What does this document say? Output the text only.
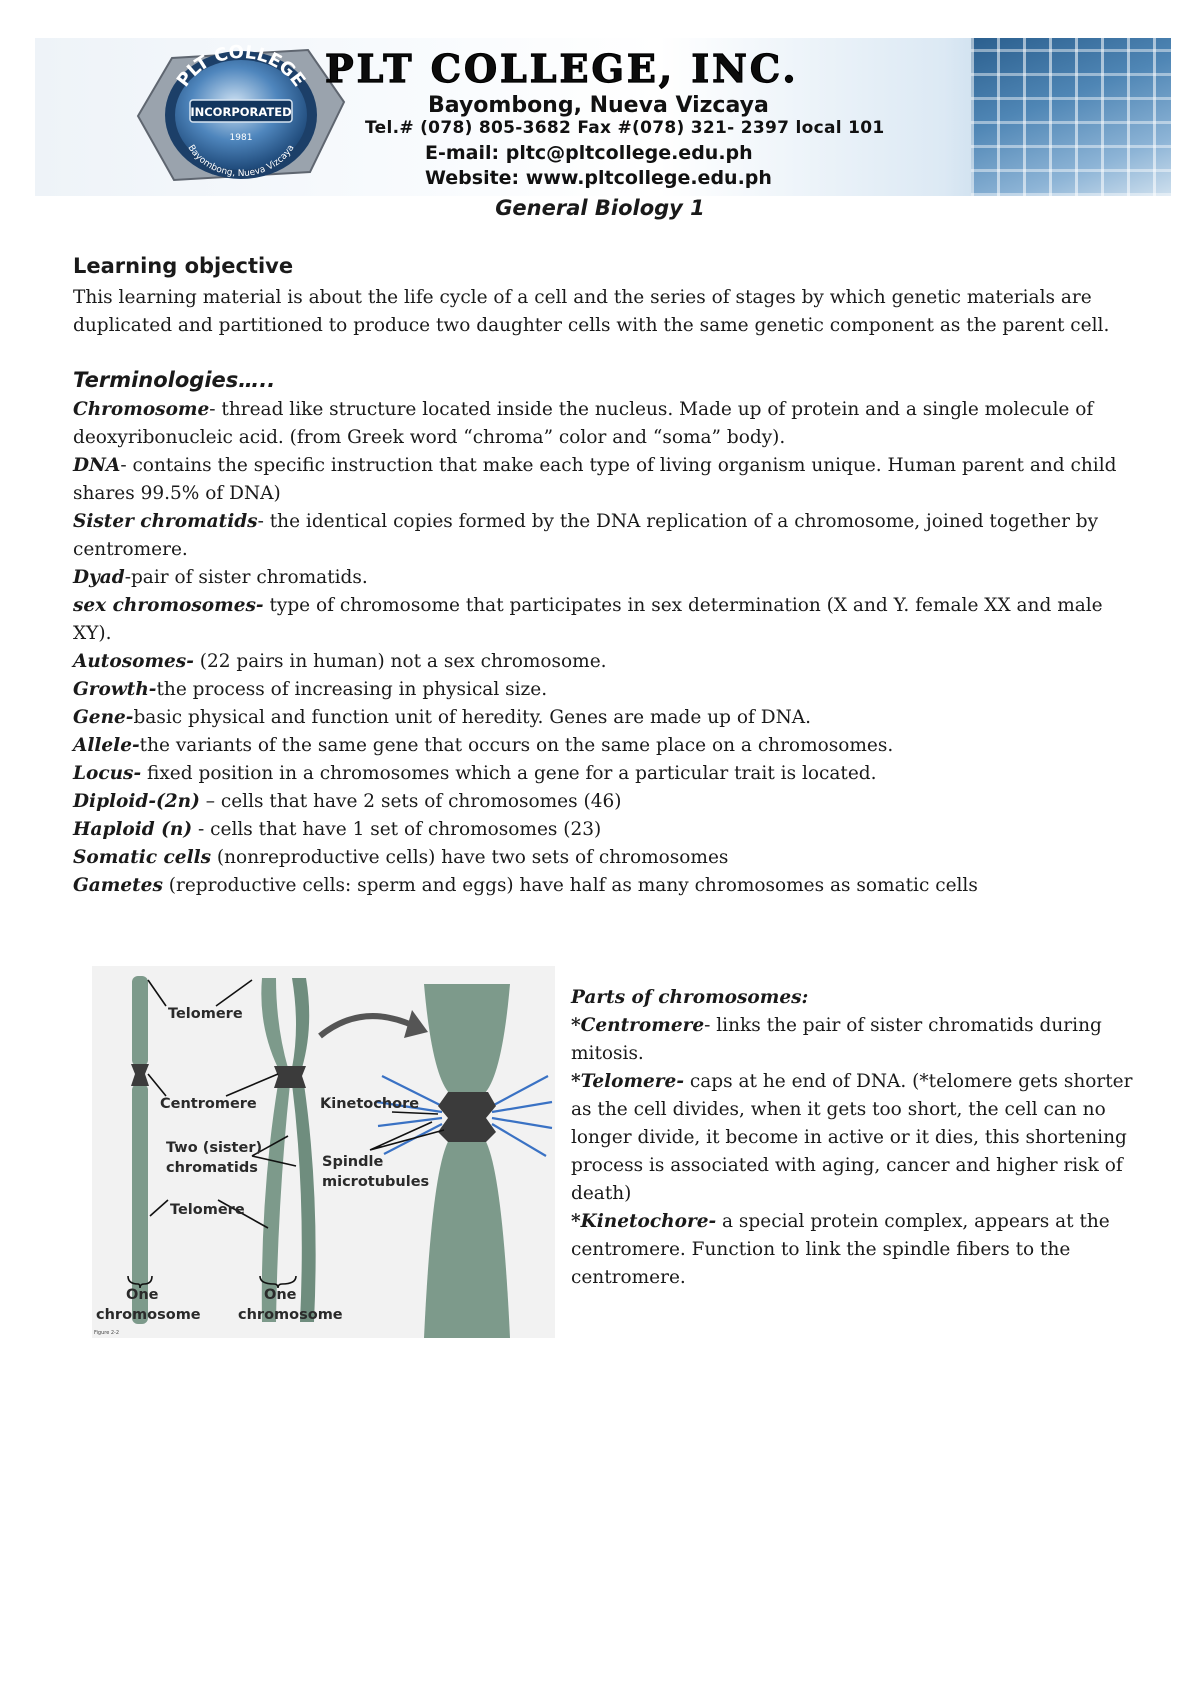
PLT COLLEGE
INCORPORATED
1981
Bayombong, Nueva Vizcaya
PLT COLLEGE, INC.
Bayombong, Nueva Vizcaya
Tel.# (078) 805-3682 Fax #(078) 321- 2397 local 101
E-mail: pltc@pltcollege.edu.ph
Website: www.pltcollege.edu.ph
General Biology 1
Learning objective

This learning material is about the life cycle of a cell and the series of stages by which genetic materials are duplicated and partitioned to produce two daughter cells with the same genetic component as the parent cell.

Terminologies…..
Chromosome- thread like structure located inside the nucleus. Made up of protein and a single molecule of deoxyribonucleic acid. (from Greek word “chroma” color and “soma” body).
DNA- contains the specific instruction that make each type of living organism unique. Human parent and child shares 99.5% of DNA)
Sister chromatids- the identical copies formed by the DNA replication of a chromosome, joined together by centromere.
Dyad-pair of sister chromatids.
sex chromosomes- type of chromosome that participates in sex determination (X and Y. female XX and male XY).
Autosomes- (22 pairs in human) not a sex chromosome.
Growth-the process of increasing in physical size.
Gene-basic physical and function unit of heredity. Genes are made up of DNA.
Allele-the variants of the same gene that occurs on the same place on a chromosomes.
Locus- fixed position in a chromosomes which a gene for a particular trait is located.
Diploid-(2n) – cells that have 2 sets of chromosomes (46)
Haploid (n) - cells that have 1 set of chromosomes (23)
Somatic cells (nonreproductive cells) have two sets of chromosomes
Gametes (reproductive cells: sperm and eggs) have half as many chromosomes as somatic cells
Telomere
Centromere
Two (sister)
chromatids
Telomere
Kinetochore
Spindle
microtubules
One
chromosome
One
chromosome
Figure 2-2

Parts of chromosomes:

*Centromere- links the pair of sister chromatids during mitosis.

*Telomere- caps at he end of DNA. (*telomere gets shorter as the cell divides, when it gets too short, the cell can no longer divide, it become in active or it dies, this shortening process is associated with aging, cancer and higher risk of death)

*Kinetochore- a special protein complex, appears at the centromere. Function to link the spindle fibers to the centromere.
